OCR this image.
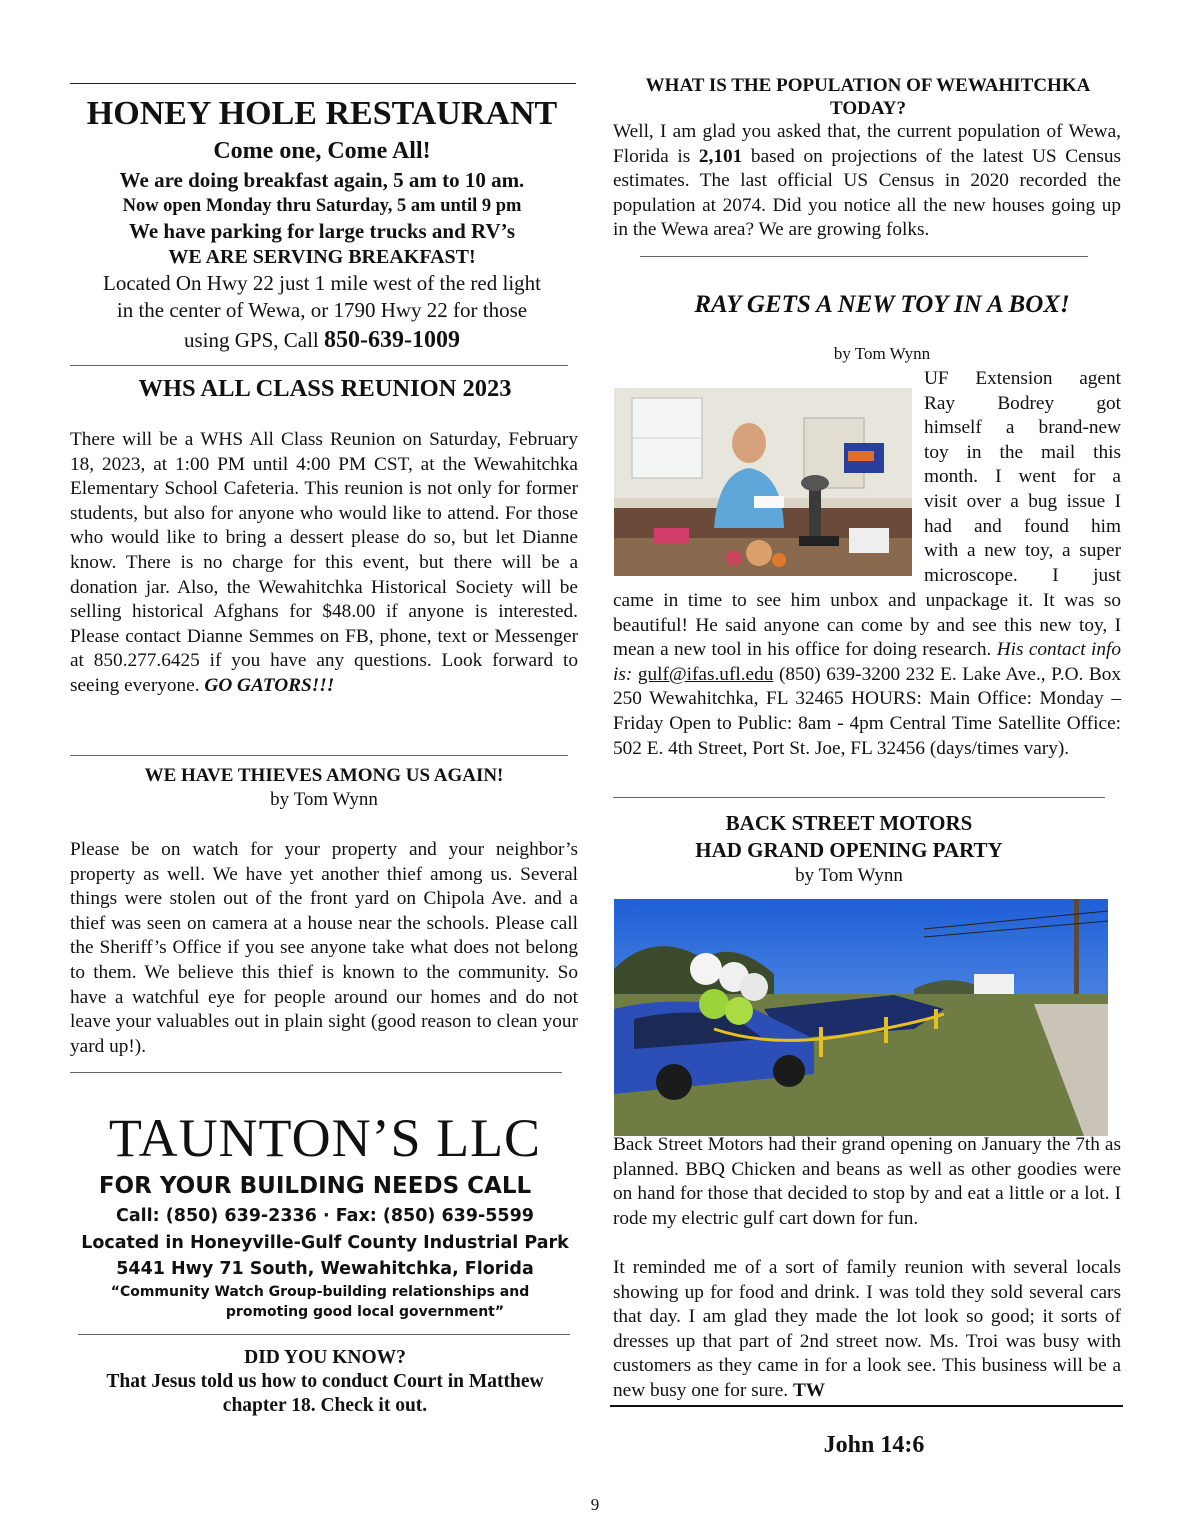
HONEY HOLE RESTAURANT
Come one, Come All!
We are doing breakfast again, 5 am to 10 am.
Now open Monday thru Saturday, 5 am until 9 pm
We have parking for large trucks and RV’s
WE ARE SERVING BREAKFAST!
Located On Hwy 22 just 1 mile west of the red light
in the center of Wewa, or 1790 Hwy 22 for those
using GPS, Call 850-639-1009
WHS ALL CLASS REUNION 2023

There will be a WHS All Class Reunion on Saturday, February 18, 2023, at 1:00 PM until 4:00 PM CST, at the Wewahitchka Elementary School Cafeteria. This reunion is not only for former students, but also for anyone who would like to attend. For those who would like to bring a dessert please do so, but let Dianne know. There is no charge for this event, but there will be a donation jar. Also, the Wewahitchka Historical Society will be selling historical Afghans for $48.00 if anyone is interested. Please contact Dianne Semmes on FB, phone, text or Messenger at 850.277.6425 if you have any questions. Look forward to seeing everyone. GO GATORS!!!

WE HAVE THIEVES AMONG US AGAIN!
by Tom Wynn

Please be on watch for your property and your neighbor’s property as well. We have yet another thief among us. Several things were stolen out of the front yard on Chipola Ave. and a thief was seen on camera at a house near the schools. Please call the Sheriff’s Office if you see anyone take what does not belong to them. We believe this thief is known to the community. So have a watchful eye for people around our homes and do not leave your valuables out in plain sight (good reason to clean your yard up!).

TAUNTON’S LLC
FOR YOUR BUILDING NEEDS CALL
Call: (850) 639-2336 · Fax: (850) 639-5599
Located in Honeyville-Gulf County Industrial Park
5441 Hwy 71 South, Wewahitchka, Florida
“Community Watch Group-building relationships and
promoting good local government”
DID YOU KNOW?
That Jesus told us how to conduct Court in Matthew
chapter 18. Check it out.
WHAT IS THE POPULATION OF WEWAHITCHKA
TODAY?

Well, I am glad you asked that, the current population of Wewa, Florida is 2,101 based on projections of the latest US Census estimates. The last official US Census in 2020 recorded the population at 2074. Did you notice all the new houses going up in the Wewa area? We are growing folks.

RAY GETS A NEW TOY IN A BOX!
by Tom Wynn
UF Extension agent
Ray Bodrey got
himself a brand-new
toy in the mail this
month. I went for a
visit over a bug issue I
had and found him
with a new toy, a super
microscope. I just

came in time to see him unbox and unpackage it. It was so beautiful! He said anyone can come by and see this new toy, I mean a new tool in his office for doing research. His contact info is: gulf@ifas.ufl.edu (850) 639-3200 232 E. Lake Ave., P.O. Box 250 Wewahitchka, FL 32465 HOURS: Main Office: Monday – Friday Open to Public: 8am - 4pm Central Time Satellite Office: 502 E. 4th Street, Port St. Joe, FL 32456 (days/times vary).

BACK STREET MOTORS
HAD GRAND OPENING PARTY
by Tom Wynn

Back Street Motors had their grand opening on January the 7th as planned. BBQ Chicken and beans as well as other goodies were on hand for those that decided to stop by and eat a little or a lot. I rode my electric gulf cart down for fun.

It reminded me of a sort of family reunion with several locals showing up for food and drink. I was told they sold several cars that day. I am glad they made the lot look so good; it sorts of dresses up that part of 2nd street now. Ms. Troi was busy with customers as they came in for a look see. This business will be a new busy one for sure. TW

John 14:6
9
